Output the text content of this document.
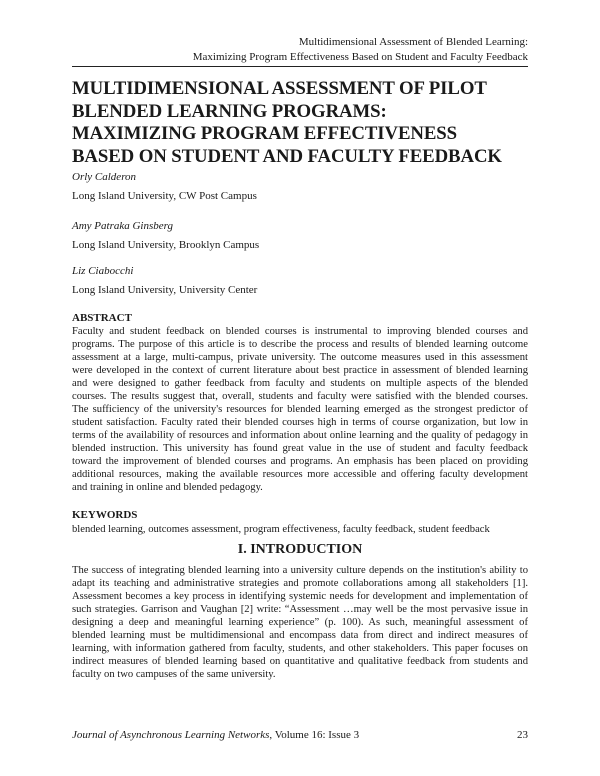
Multidimensional Assessment of Blended Learning:
Maximizing Program Effectiveness Based on Student and Faculty Feedback
MULTIDIMENSIONAL ASSESSMENT OF PILOT
BLENDED LEARNING PROGRAMS:
MAXIMIZING PROGRAM EFFECTIVENESS
BASED ON STUDENT AND FACULTY FEEDBACK
Orly Calderon
Long Island University, CW Post Campus
Amy Patraka Ginsberg
Long Island University, Brooklyn Campus
Liz Ciabocchi
Long Island University, University Center
ABSTRACT
Faculty and student feedback on blended courses is instrumental to improving blended courses and
programs. The purpose of this article is to describe the process and results of blended learning outcome
assessment at a large, multi-campus, private university. The outcome measures used in this assessment
were developed in the context of current literature about best practice in assessment of blended learning
and were designed to gather feedback from faculty and students on multiple aspects of the blended
courses. The results suggest that, overall, students and faculty were satisfied with the blended courses.
The sufficiency of the university's resources for blended learning emerged as the strongest predictor of
student satisfaction. Faculty rated their blended courses high in terms of course organization, but low in
terms of the availability of resources and information about online learning and the quality of pedagogy in
blended instruction. This university has found great value in the use of student and faculty feedback
toward the improvement of blended courses and programs. An emphasis has been placed on providing
additional resources, making the available resources more accessible and offering faculty development
and training in online and blended pedagogy.
KEYWORDS
blended learning, outcomes assessment, program effectiveness, faculty feedback, student feedback
I. INTRODUCTION
The success of integrating blended learning into a university culture depends on the institution's ability to
adapt its teaching and administrative strategies and promote collaborations among all stakeholders [1].
Assessment becomes a key process in identifying systemic needs for development and implementation of
such strategies. Garrison and Vaughan [2] write: “Assessment …may well be the most pervasive issue in
designing a deep and meaningful learning experience” (p. 100). As such, meaningful assessment of
blended learning must be multidimensional and encompass data from direct and indirect measures of
learning, with information gathered from faculty, students, and other stakeholders. This paper focuses on
indirect measures of blended learning based on quantitative and qualitative feedback from students and
faculty on two campuses of the same university.
Journal of Asynchronous Learning Networks, Volume 16: Issue 3	23
